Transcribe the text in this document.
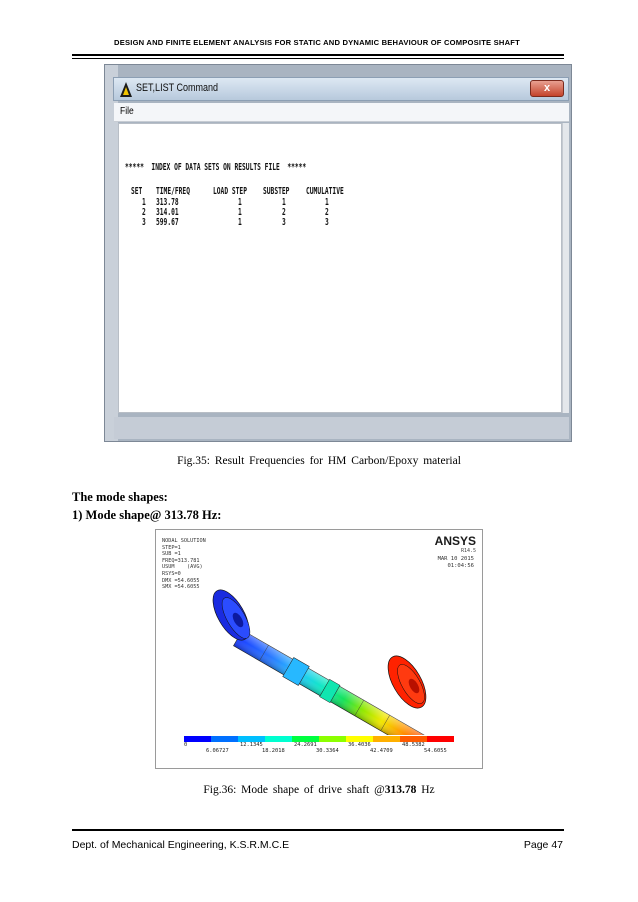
DESIGN AND FINITE ELEMENT ANALYSIS FOR STATIC AND DYNAMIC BEHAVIOUR OF COMPOSITE SHAFT
SET,LIST Command	x
File
*****  INDEX OF DATA SETS ON RESULTS FILE  *****
SET TIME/FREQ LOAD STEP SUBSTEP CUMULATIVE
1 313.78	1	1	1
2 314.01	1	2	2
3 599.67	1	3	3
Fig.35: Result Frequencies for HM Carbon/Epoxy material
The mode shapes:
1) Mode shape@ 313.78 Hz:
NODAL SOLUTION
STEP=1
SUB =1
FREQ=313.781
USUM    (AVG)
RSYS=0
DMX =54.6055
SMX =54.6055
ANSYS
R14.5
MAR 10 2015
01:04:56
0	12.1345	24.2691	36.4036	48.5382
6.06727	18.2018	30.3364	42.4709	54.6055
Fig.36: Mode shape of drive shaft @313.78 Hz
Dept. of Mechanical Engineering, K.S.R.M.C.E	Page 47
